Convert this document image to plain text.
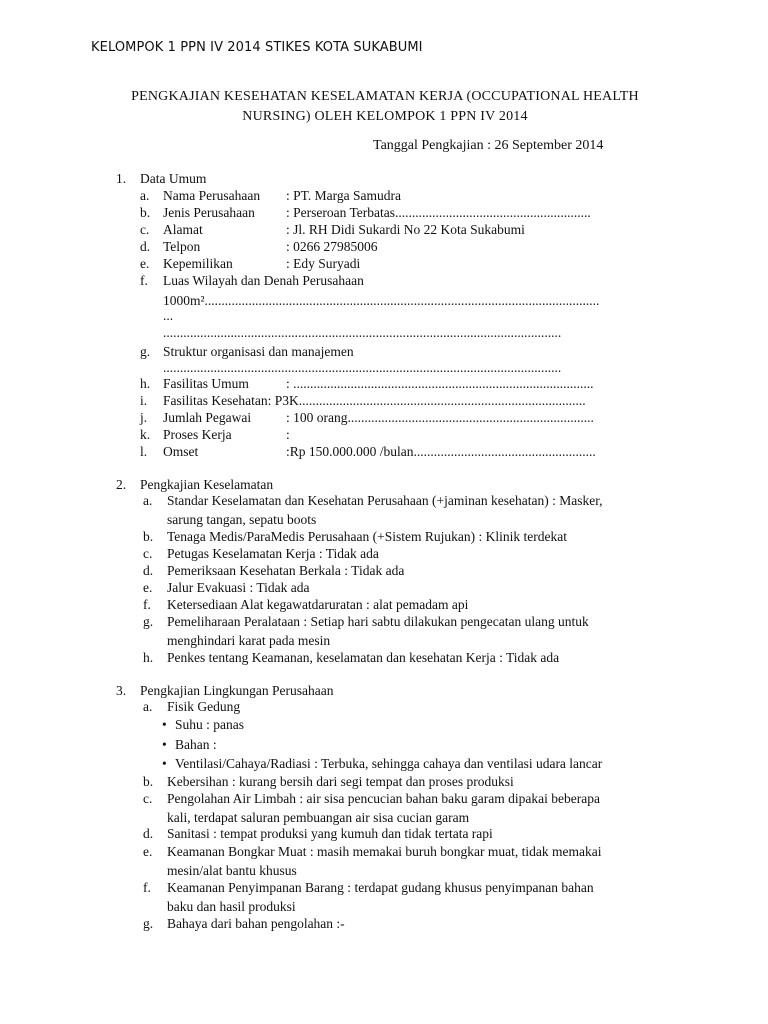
KELOMPOK 1 PPN IV 2014 STIKES KOTA SUKABUMI
PENGKAJIAN KESEHATAN KESELAMATAN KERJA (OCCUPATIONAL HEALTH
NURSING) OLEH KELOMPOK 1 PPN IV 2014
Tanggal Pengkajian : 26 September 2014
1. Data Umum
a. Nama Perusahaan : PT. Marga Samudra
b. Jenis Perusahaan : Perseroan Terbatas..........................................................
c. Alamat	: Jl. RH Didi Sukardi No 22 Kota Sukabumi
d. Telpon	: 0266 27985006
e. Kepemilikan	: Edy Suryadi
f. Luas Wilayah dan Denah Perusahaan
1000m².....................................................................................................................
...
......................................................................................................................
g. Struktur organisasi dan manajemen
......................................................................................................................
h. Fasilitas Umum	: .........................................................................................
i. Fasilitas Kesehatan: P3K.....................................................................................
j. Jumlah Pegawai	: 100 orang.........................................................................
k. Proses Kerja	:
l. Omset	:Rp 150.000.000 /bulan......................................................
2. Pengkajian Keselamatan
a. Standar Keselamatan dan Kesehatan Perusahaan (+jaminan kesehatan) : Masker,
sarung tangan, sepatu boots
b. Tenaga Medis/ParaMedis Perusahaan (+Sistem Rujukan) : Klinik terdekat
c. Petugas Keselamatan Kerja : Tidak ada
d. Pemeriksaan Kesehatan Berkala : Tidak ada
e. Jalur Evakuasi : Tidak ada
f. Ketersediaan Alat kegawatdaruratan : alat pemadam api
g. Pemeliharaan Peralataan : Setiap hari sabtu dilakukan pengecatan ulang untuk
menghindari karat pada mesin
h. Penkes tentang Keamanan, keselamatan dan kesehatan Kerja : Tidak ada
3. Pengkajian Lingkungan Perusahaan
a. Fisik Gedung
• Suhu : panas
• Bahan :
• Ventilasi/Cahaya/Radiasi : Terbuka, sehingga cahaya dan ventilasi udara lancar
b. Kebersihan : kurang bersih dari segi tempat dan proses produksi
c. Pengolahan Air Limbah : air sisa pencucian bahan baku garam dipakai beberapa
kali, terdapat saluran pembuangan air sisa cucian garam
d. Sanitasi : tempat produksi yang kumuh dan tidak tertata rapi
e. Keamanan Bongkar Muat : masih memakai buruh bongkar muat, tidak memakai
mesin/alat bantu khusus
f. Keamanan Penyimpanan Barang : terdapat gudang khusus penyimpanan bahan
baku dan hasil produksi
g. Bahaya dari bahan pengolahan :-
